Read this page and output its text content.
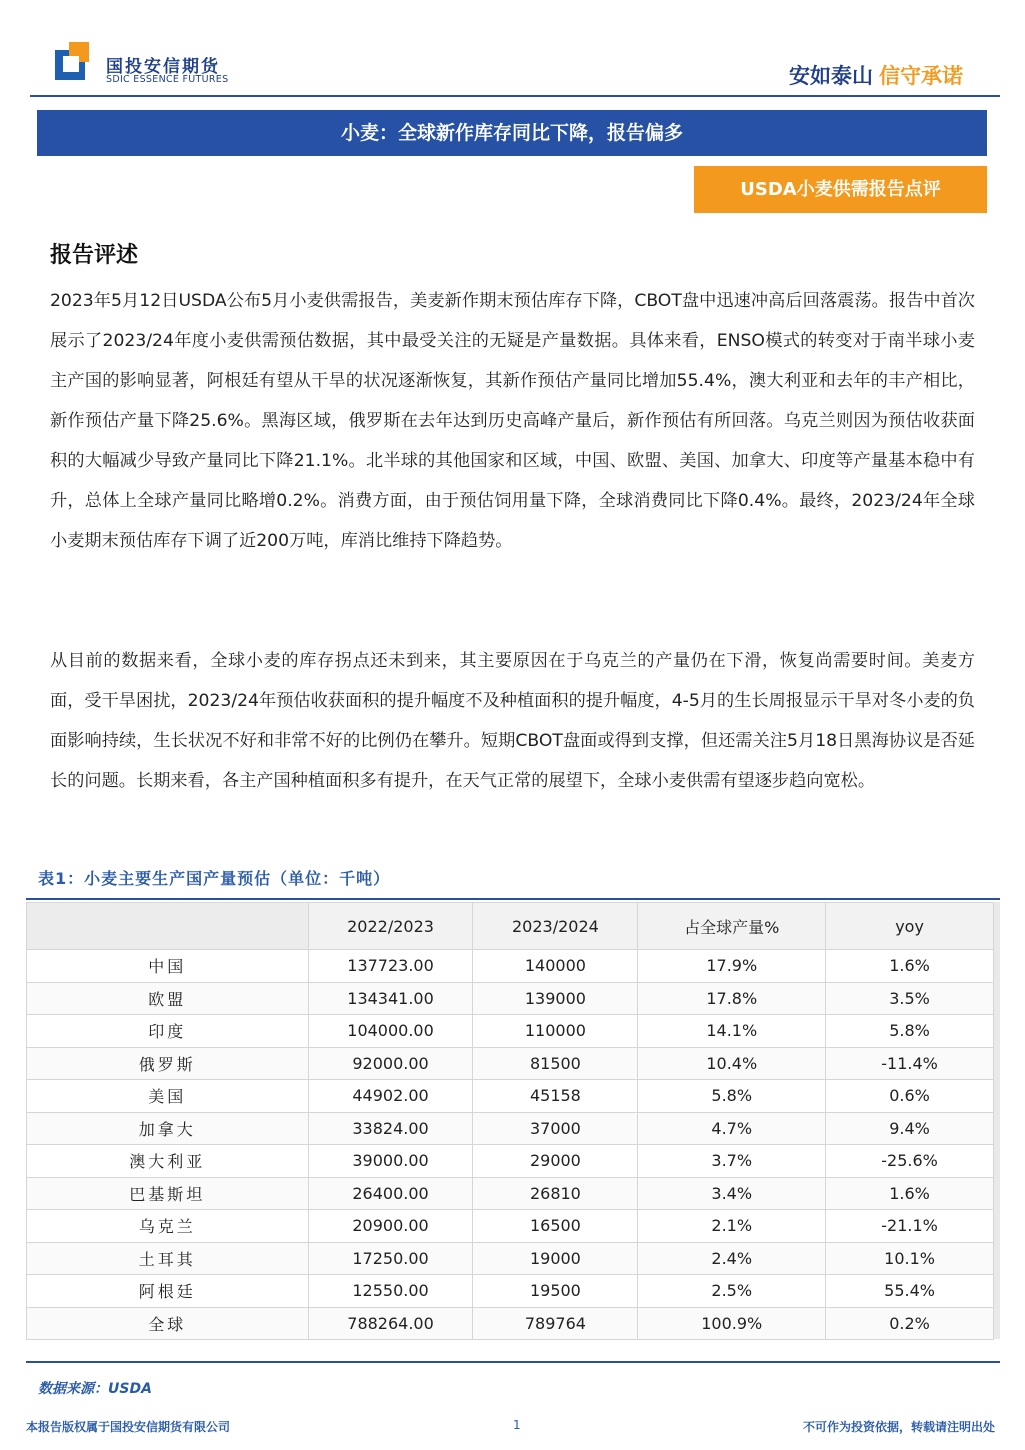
国投安信期货
SDIC ESSENCE FUTURES	安如泰山 信守承诺
小麦：全球新作库存同比下降，报告偏多
USDA小麦供需报告点评
报告评述

2023年5月12日USDA公布5月小麦供需报告，美麦新作期末预估库存下降，CBOT盘中迅速冲高后回落震荡。报告中首次展示了2023/24年度小麦供需预估数据，其中最受关注的无疑是产量数据。具体来看，ENSO模式的转变对于南半球小麦主产国的影响显著，阿根廷有望从干旱的状况逐渐恢复，其新作预估产量同比增加55.4%，澳大利亚和去年的丰产相比，新作预估产量下降25.6%。黑海区域，俄罗斯在去年达到历史高峰产量后，新作预估有所回落。乌克兰则因为预估收获面积的大幅减少导致产量同比下降21.1%。北半球的其他国家和区域，中国、欧盟、美国、加拿大、印度等产量基本稳中有升，总体上全球产量同比略增0.2%。消费方面，由于预估饲用量下降，全球消费同比下降0.4%。最终，2023/24年全球小麦期末预估库存下调了近200万吨，库消比维持下降趋势。

从目前的数据来看，全球小麦的库存拐点还未到来，其主要原因在于乌克兰的产量仍在下滑，恢复尚需要时间。美麦方面，受干旱困扰，2023/24年预估收获面积的提升幅度不及种植面积的提升幅度，4-5月的生长周报显示干旱对冬小麦的负面影响持续，生长状况不好和非常不好的比例仍在攀升。短期CBOT盘面或得到支撑，但还需关注5月18日黑海协议是否延长的问题。长期来看，各主产国种植面积多有提升，在天气正常的展望下，全球小麦供需有望逐步趋向宽松。

表1：小麦主要生产国产量预估（单位：千吨）
	2022/2023	2023/2024	占全球产量%	yoy
中国	137723.00	140000	17.9%	1.6%
欧盟	134341.00	139000	17.8%	3.5%
印度	104000.00	110000	14.1%	5.8%
俄罗斯	92000.00	81500	10.4%	-11.4%
美国	44902.00	45158	5.8%	0.6%
加拿大	33824.00	37000	4.7%	9.4%
澳大利亚	39000.00	29000	3.7%	-25.6%
巴基斯坦	26400.00	26810	3.4%	1.6%
乌克兰	20900.00	16500	2.1%	-21.1%
土耳其	17250.00	19000	2.4%	10.1%
阿根廷	12550.00	19500	2.5%	55.4%
全球	788264.00	789764	100.9%	0.2%
数据来源：USDA
本报告版权属于国投安信期货有限公司	1	不可作为投资依据，转载请注明出处
